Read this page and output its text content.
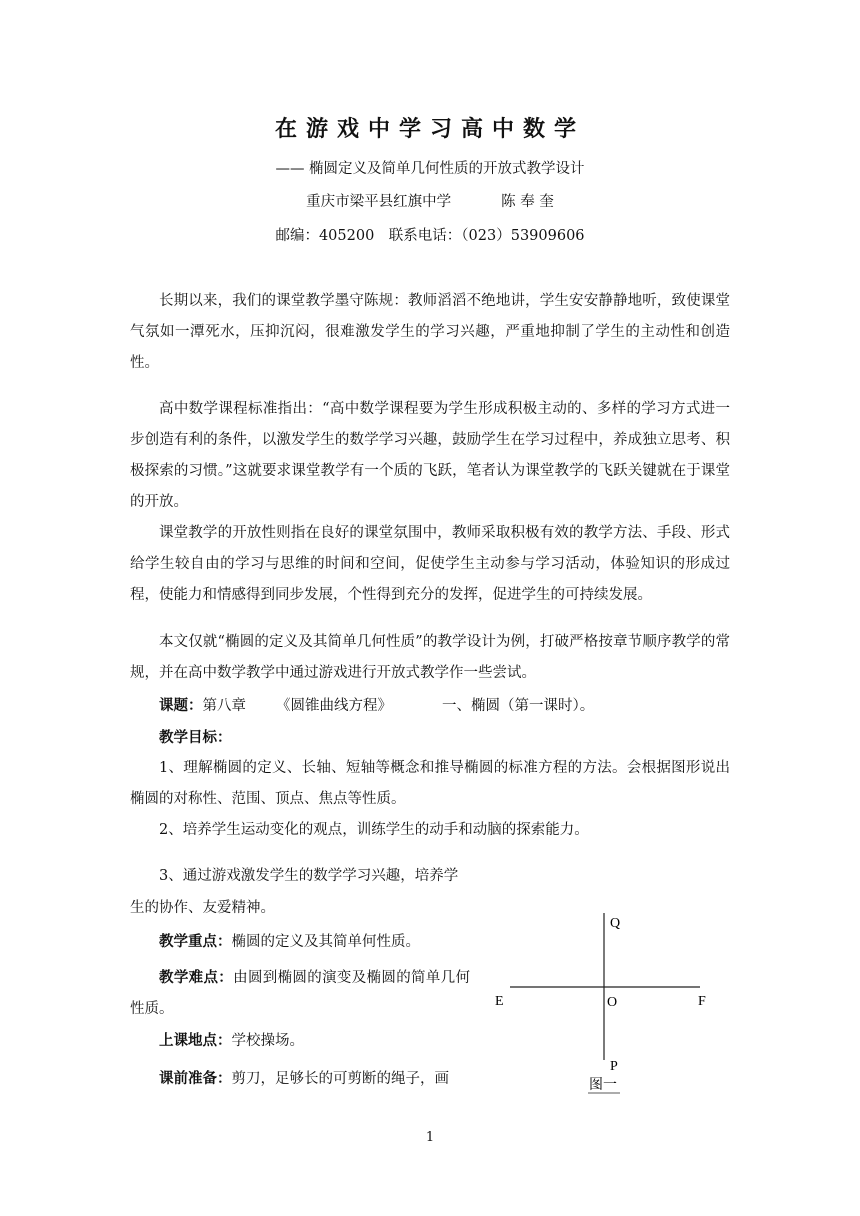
在游戏中学习高中数学
—— 椭圆定义及简单几何性质的开放式教学设计
重庆市梁平县红旗中学	陈 奉 奎
邮编：405200　联系电话：（023）53909606

长期以来，我们的课堂教学墨守陈规：教师滔滔不绝地讲，学生安安静静地听，致使课堂气氛如一潭死水，压抑沉闷，很难激发学生的学习兴趣，严重地抑制了学生的主动性和创造性。

高中数学课程标准指出：“高中数学课程要为学生形成积极主动的、多样的学习方式进一步创造有利的条件，以激发学生的数学学习兴趣，鼓励学生在学习过程中，养成独立思考、积极探索的习惯。”这就要求课堂教学有一个质的飞跃，笔者认为课堂教学的飞跃关键就在于课堂的开放。

课堂教学的开放性则指在良好的课堂氛围中，教师采取积极有效的教学方法、手段、形式给学生较自由的学习与思维的时间和空间，促使学生主动参与学习活动，体验知识的形成过程，使能力和情感得到同步发展，个性得到充分的发挥，促进学生的可持续发展。

本文仅就“椭圆的定义及其简单几何性质”的教学设计为例，打破严格按章节顺序教学的常规，并在高中数学教学中通过游戏进行开放式教学作一些尝试。

课题：第八章 《圆锥曲线方程》	一、椭圆（第一课时）。

教学目标：

1、理解椭圆的定义、长轴、短轴等概念和推导椭圆的标准方程的方法。会根据图形说出椭圆的对称性、范围、顶点、焦点等性质。

2、培养学生运动变化的观点，训练学生的动手和动脑的探索能力。

3、通过游戏激发学生的数学学习兴趣，培养学

生的协作、友爱精神。

教学重点：椭圆的定义及其简单何性质。

教学难点：由圆到椭圆的演变及椭圆的简单几何性质。

上课地点：学校操场。

课前准备：剪刀，足够长的可剪断的绳子，画

Q
E	O	F
P
图一
1
